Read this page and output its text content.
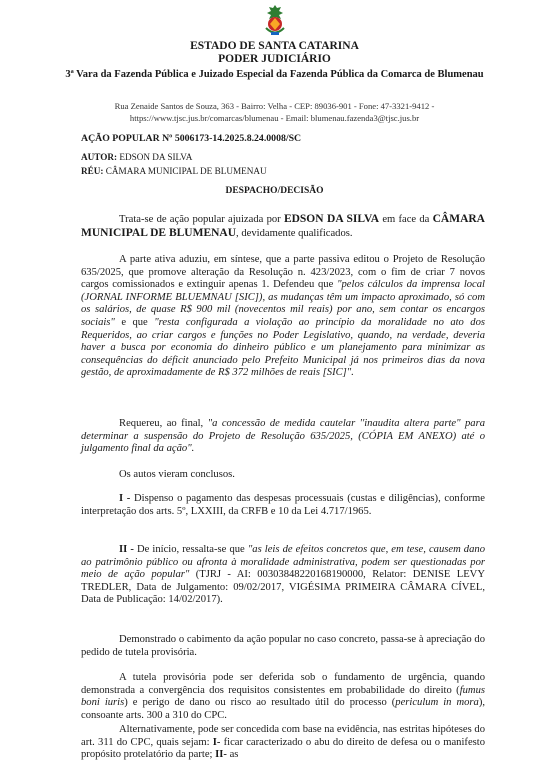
ESTADO DE SANTA CATARINA
PODER JUDICIÁRIO
3ª Vara da Fazenda Pública e Juizado Especial da Fazenda Pública da Comarca de Blumenau
Rua Zenaide Santos de Souza, 363 - Bairro: Velha - CEP: 89036-901 - Fone: 47-3321-9412 -
https://www.tjsc.jus.br/comarcas/blumenau - Email: blumenau.fazenda3@tjsc.jus.br
AÇÃO POPULAR Nº 5006173-14.2025.8.24.0008/SC
AUTOR: EDSON DA SILVA
RÉU: CÂMARA MUNICIPAL DE BLUMENAU
DESPACHO/DECISÃO

Trata-se de ação popular ajuizada por EDSON DA SILVA em face da CÂMARA MUNICIPAL DE BLUMENAU, devidamente qualificados.

A parte ativa aduziu, em síntese, que a parte passiva editou o Projeto de Resolução 635/2025, que promove alteração da Resolução n. 423/2023, com o fim de criar 7 novos cargos comissionados e extinguir apenas 1. Defendeu que "pelos cálculos da imprensa local (JORNAL INFORME BLUEMNAU [SIC]), as mudanças têm um impacto aproximado, só com os salários, de quase R$ 900 mil (novecentos mil reais) por ano, sem contar os encargos sociais" e que "resta configurada a violação ao princípio da moralidade no ato dos Requeridos, ao criar cargos e funções no Poder Legislativo, quando, na verdade, deveria haver a busca por economia do dinheiro público e um planejamento para minimizar as consequências do déficit anunciado pelo Prefeito Municipal já nos primeiros dias da nova gestão, de aproximadamente de R$ 372 milhões de reais [SIC]".

Requereu, ao final, "a concessão de medida cautelar ''inaudita altera parte" para determinar a suspensão do Projeto de Resolução 635/2025, (CÓPIA EM ANEXO) até o julgamento final da ação".

Os autos vieram conclusos.

I - Dispenso o pagamento das despesas processuais (custas e diligências), conforme interpretação dos arts. 5º, LXXIII, da CRFB e 10 da Lei 4.717/1965.

II - De início, ressalta-se que "as leis de efeitos concretos que, em tese, causem dano ao patrimônio público ou afronta à moralidade administrativa, podem ser questionadas por meio de ação popular" (TJRJ - AI: 00303848220168190000, Relator: DENISE LEVY TREDLER, Data de Julgamento: 09/02/2017, VIGÉSIMA PRIMEIRA CÂMARA CÍVEL, Data de Publicação: 14/02/2017).

Demonstrado o cabimento da ação popular no caso concreto, passa-se à apreciação do pedido de tutela provisória.

A tutela provisória pode ser deferida sob o fundamento de urgência, quando demonstrada a convergência dos requisitos consistentes em probabilidade do direito (fumus boni iuris) e perigo de dano ou risco ao resultado útil do processo (periculum in mora), consoante arts. 300 a 310 do CPC.

Alternativamente, pode ser concedida com base na evidência, nas estritas hipóteses do art. 311 do CPC, quais sejam: I- ficar caracterizado o abu do direito de defesa ou o manifesto propósito protelatório da parte; II- as
